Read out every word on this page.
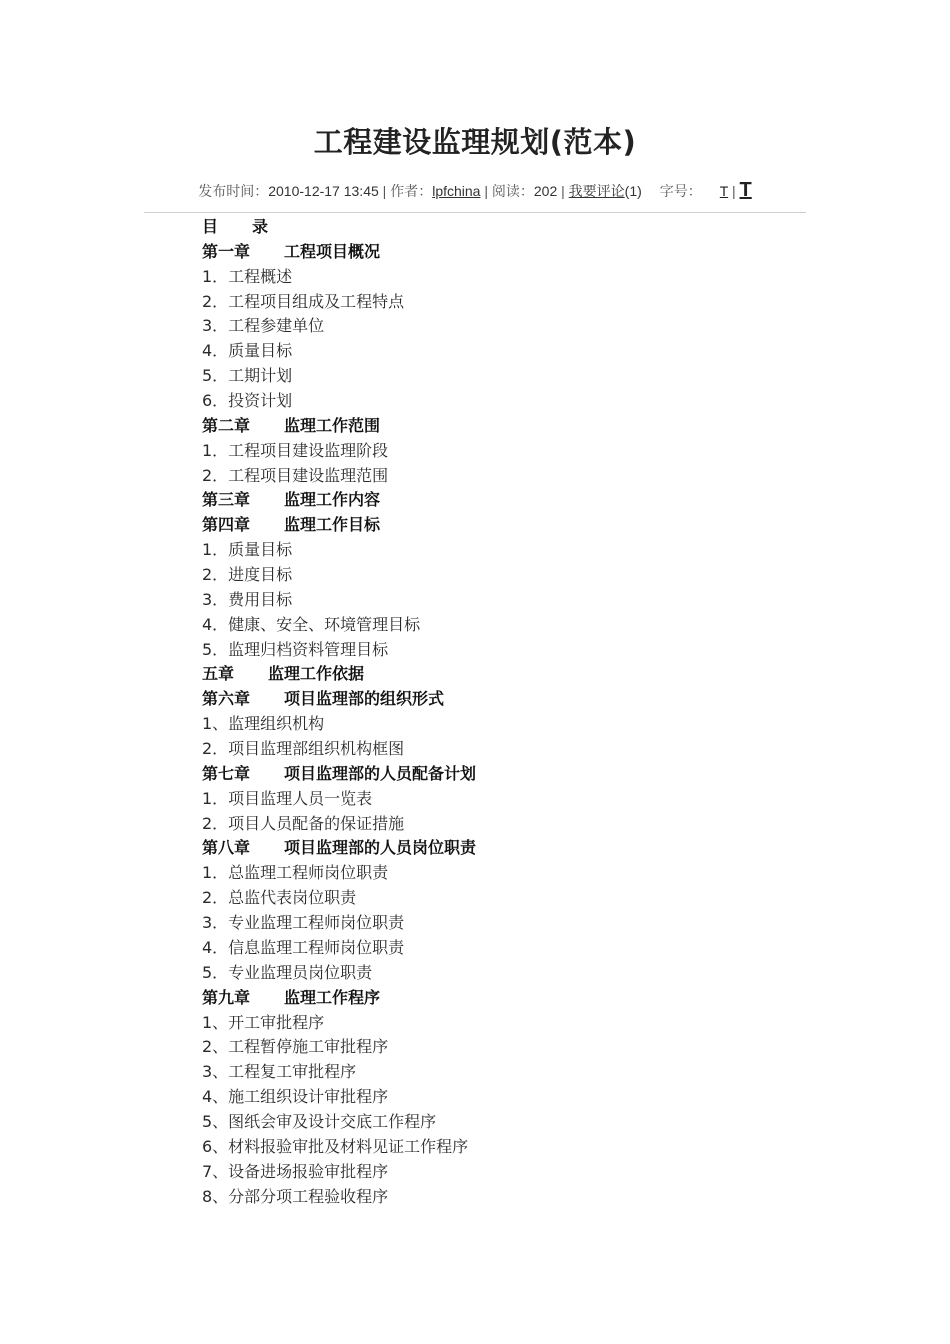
工程建设监理规划(范本)
发布时间：2010-12-17 13:45 | 作者：lpfchina | 阅读：202 | 我要评论(1) 字号： T | T
目 录
第一章 工程项目概况
1．工程概述
2．工程项目组成及工程特点
3．工程参建单位
4．质量目标
5．工期计划
6．投资计划
第二章 监理工作范围
1．工程项目建设监理阶段
2．工程项目建设监理范围
第三章 监理工作内容
第四章 监理工作目标
1．质量目标
2．进度目标
3．费用目标
4．健康、安全、环境管理目标
5．监理归档资料管理目标
五章 监理工作依据
第六章 项目监理部的组织形式
1、监理组织机构
2．项目监理部组织机构框图
第七章 项目监理部的人员配备计划
1．项目监理人员一览表
2．项目人员配备的保证措施
第八章 项目监理部的人员岗位职责
1．总监理工程师岗位职责
2．总监代表岗位职责
3．专业监理工程师岗位职责
4．信息监理工程师岗位职责
5．专业监理员岗位职责
第九章 监理工作程序
1、开工审批程序
2、工程暂停施工审批程序
3、工程复工审批程序
4、施工组织设计审批程序
5、图纸会审及设计交底工作程序
6、材料报验审批及材料见证工作程序
7、设备进场报验审批程序
8、分部分项工程验收程序
